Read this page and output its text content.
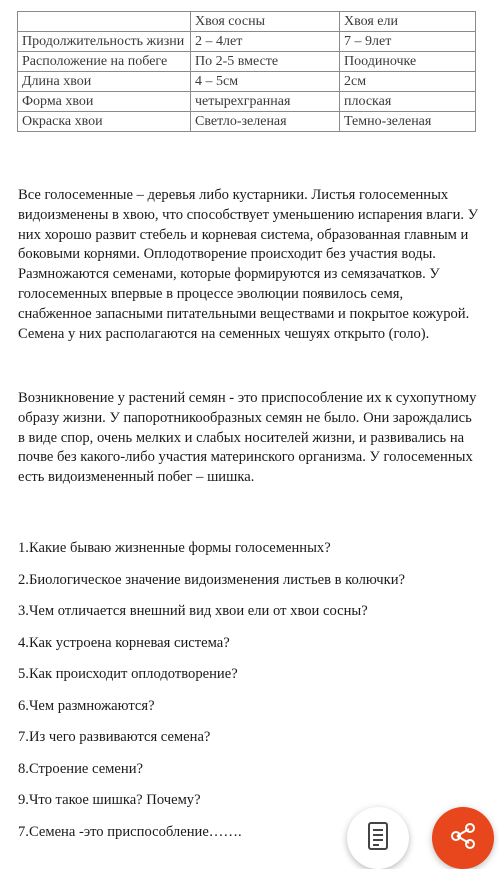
	Хвоя сосны	Хвоя ели
Продолжительность жизни	2 – 4лет	7 – 9лет
Расположение на побеге	По 2-5 вместе	Поодиночке
Длина хвои	4 – 5см	2см
Форма хвои	четырехгранная	плоская
Окраска хвои	Светло-зеленая	Темно-зеленая

Все голосеменные – деревья либо кустарники. Листья голосеменных видоизменены в хвою, что способствует уменьшению испарения влаги. У них хорошо развит стебель и корневая система, образованная главным и боковыми корнями. Оплодотворение происходит без участия воды. Размножаются семенами, которые формируются из семязачатков. У голосеменных впервые в процессе эволюции появилось семя, снабженное запасными питательными веществами и покрытое кожурой. Семена у них располагаются на семенных чешуях открыто (голо).

Возникновение у растений семян - это приспособление их к сухопутному образу жизни. У папоротникообразных семян не было. Они зарождались в виде спор, очень мелких и слабых носителей жизни, и развивались на почве без какого-либо участия материнского организма. У голосеменных есть видоизмененный побег – шишка.

1.Какие бываю жизненные формы голосеменных?
2.Биологическое значение видоизменения листьев в колючки?
3.Чем отличается внешний вид хвои ели от хвои сосны?
4.Как устроена корневая система?
5.Как происходит оплодотворение?
6.Чем размножаются?
7.Из чего развиваются семена?
8.Строение семени?
9.Что такое шишка? Почему?
7.Семена -это приспособление…….
